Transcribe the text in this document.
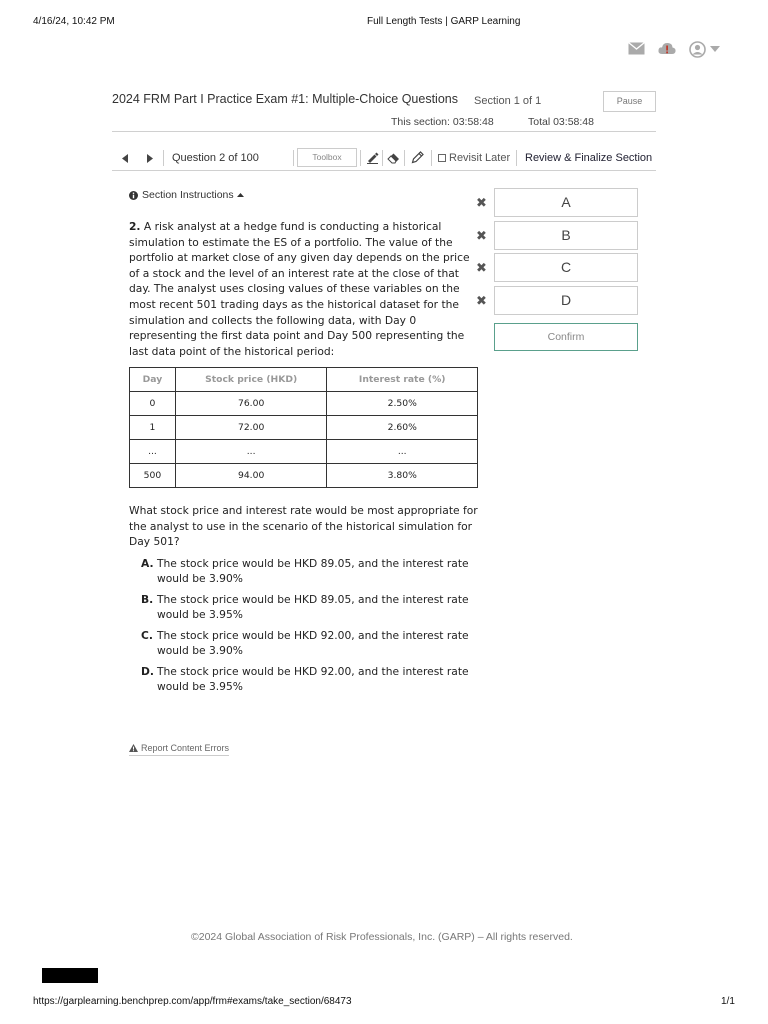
4/16/24, 10:42 PM	Full Length Tests | GARP Learning
2024 FRM Part I Practice Exam #1: Multiple-Choice Questions Section 1 of 1	Pause
This section: 03:58:48	Total 03:58:48
Question 2 of 100	Toolbox	Revisit Later Review & Finalize Section
Section Instructions
2. A risk analyst at a hedge fund is conducting a historical simulation to estimate the ES of a portfolio. The value of the portfolio at market close of any given day depends on the price of a stock and the level of an interest rate at the close of that day. The analyst uses closing values of these variables on the most recent 501 trading days as the historical dataset for the simulation and collects the following data, with Day 0 representing the first data point and Day 500 representing the last data point of the historical period:
Day	Stock price (HKD)	Interest rate (%)
0	76.00	2.50%
1	72.00	2.60%
...	...	...
500	94.00	3.80%
What stock price and interest rate would be most appropriate for the analyst to use in the scenario of the historical simulation for Day 501?
A. The stock price would be HKD 89.05, and the interest rate would be 3.90%
B. The stock price would be HKD 89.05, and the interest rate would be 3.95%
C. The stock price would be HKD 92.00, and the interest rate would be 3.90%
D. The stock price would be HKD 92.00, and the interest rate would be 3.95%
✖	A
✖	B
✖	C
✖	D
Confirm
Report Content Errors
©2024 Global Association of Risk Professionals, Inc. (GARP) – All rights reserved.
https://garplearning.benchprep.com/app/frm#exams/take_section/68473	1/1
